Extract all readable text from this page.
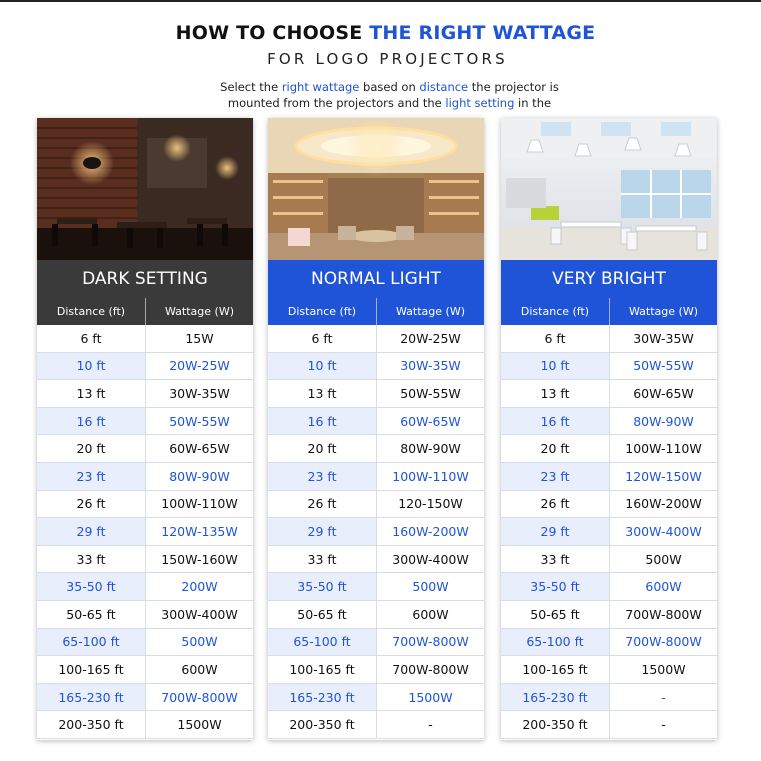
HOW TO CHOOSE THE RIGHT WATTAGE
FOR LOGO PROJECTORS
Select the right wattage based on distance the projector is
mounted from the projectors and the light setting in the
DARK SETTING
Distance (ft)	Wattage (W)
6 ft	15W
10 ft	20W-25W
13 ft	30W-35W
16 ft	50W-55W
20 ft	60W-65W
23 ft	80W-90W
26 ft	100W-110W
29 ft	120W-135W
33 ft	150W-160W
35-50 ft	200W
50-65 ft	300W-400W
65-100 ft	500W
100-165 ft	600W
165-230 ft	700W-800W
200-350 ft	1500W
NORMAL LIGHT
Distance (ft)	Wattage (W)
6 ft	20W-25W
10 ft	30W-35W
13 ft	50W-55W
16 ft	60W-65W
20 ft	80W-90W
23 ft	100W-110W
26 ft	120-150W
29 ft	160W-200W
33 ft	300W-400W
35-50 ft	500W
50-65 ft	600W
65-100 ft	700W-800W
100-165 ft	700W-800W
165-230 ft	1500W
200-350 ft	-
VERY BRIGHT
Distance (ft)	Wattage (W)
6 ft	30W-35W
10 ft	50W-55W
13 ft	60W-65W
16 ft	80W-90W
20 ft	100W-110W
23 ft	120W-150W
26 ft	160W-200W
29 ft	300W-400W
33 ft	500W
35-50 ft	600W
50-65 ft	700W-800W
65-100 ft	700W-800W
100-165 ft	1500W
165-230 ft	-
200-350 ft	-
